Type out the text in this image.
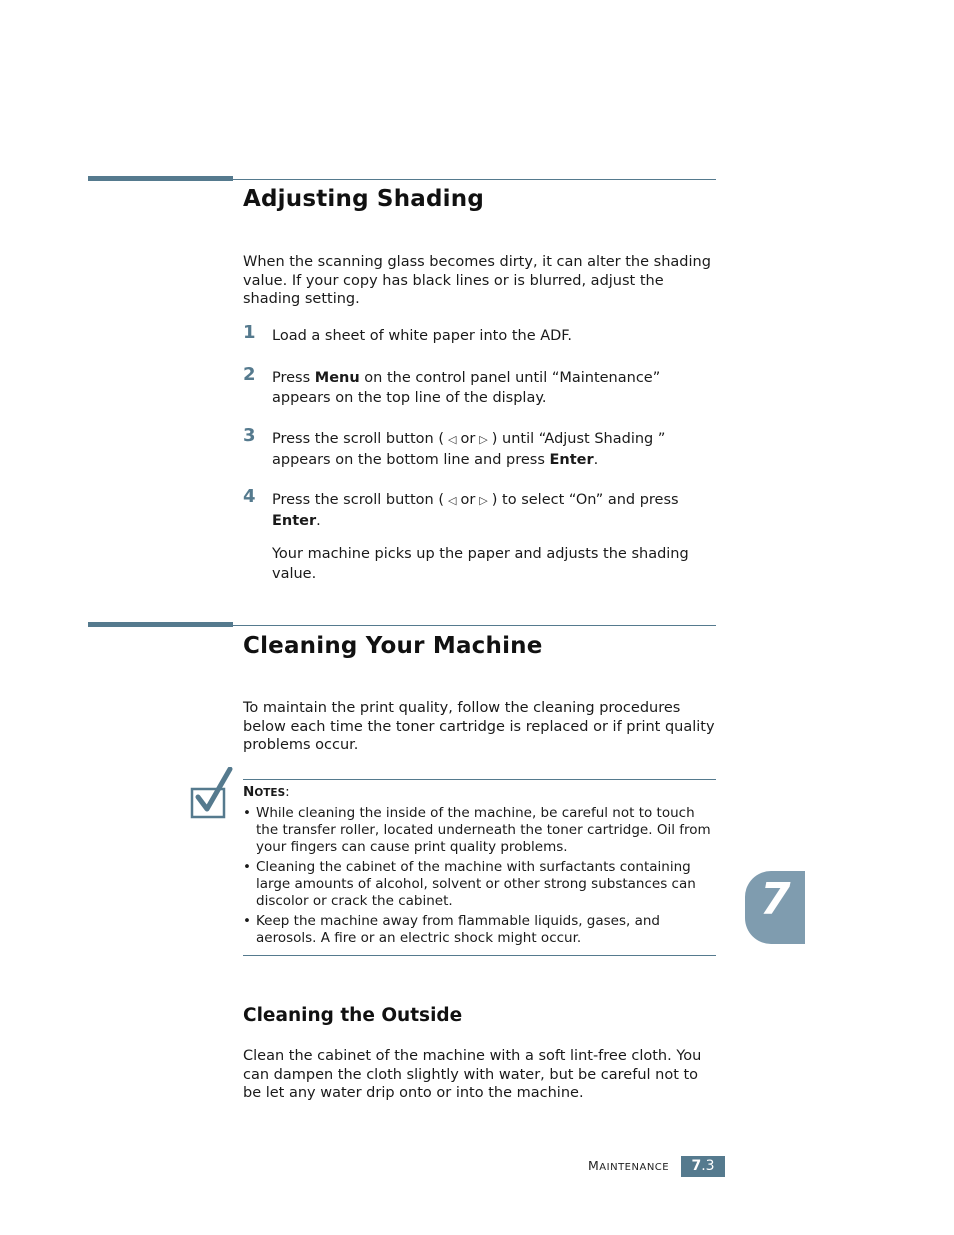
Adjusting Shading

When the scanning glass becomes dirty, it can alter the shading value. If your copy has black lines or is blurred, adjust the shading setting.

1 Load a sheet of white paper into the ADF.

2 Press Menu on the control panel until “Maintenance” appears on the top line of the display.

3 Press the scroll button ( ◁ or ▷ ) until “Adjust Shading ” appears on the bottom line and press Enter.

4 Press the scroll button ( ◁ or ▷ ) to select “On” and press Enter.

Your machine picks up the paper and adjusts the shading value.

Cleaning Your Machine

To maintain the print quality, follow the cleaning procedures below each time the toner cartridge is replaced or if print quality problems occur.

NOTES:

• While cleaning the inside of the machine, be careful not to touch the transfer roller, located underneath the toner cartridge. Oil from your fingers can cause print quality problems.
• Cleaning the cabinet of the machine with surfactants containing large amounts of alcohol, solvent or other strong substances can discolor or crack the cabinet.
• Keep the machine away from flammable liquids, gases, and aerosols. A fire or an electric shock might occur.
Cleaning the Outside

Clean the cabinet of the machine with a soft lint-free cloth. You can dampen the cloth slightly with water, but be careful not to be let any water drip onto or into the machine.

7
MAINTENANCE	7.3
